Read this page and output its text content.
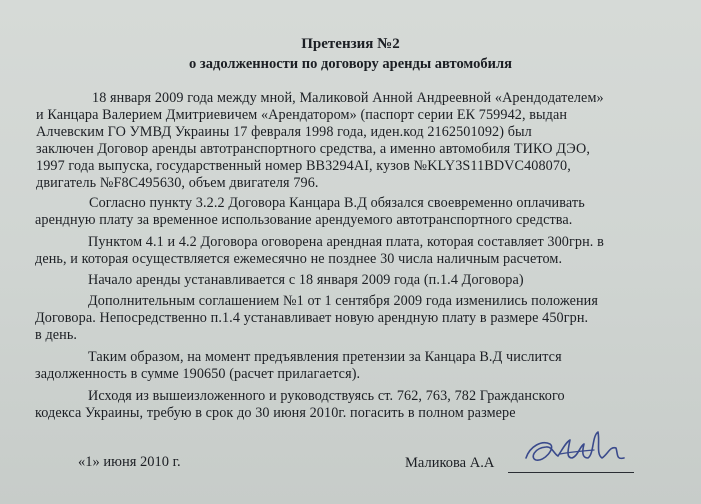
Претензия №2
о задолженности по договору аренды автомобиля
18 января 2009 года между мной, Маликовой Анной Андреевной «Арендодателем»
и Канцара Валерием Дмитриевичем «Арендатором» (паспорт серии ЕК 759942, выдан
Алчевским ГО УМВД Украины 17 февраля 1998 года, иден.код 2162501092) был
заключен Договор аренды автотранспортного средства, а именно автомобиля ТИКО ДЭО,
1997 года выпуска, государственный номер ВВ3294АI, кузов №KLY3S11BDVC408070,
двигатель №F8C495630, объем двигателя 796.
Согласно пункту 3.2.2 Договора Канцара В.Д обязался своевременно оплачивать
арендную плату за временное использование арендуемого автотранспортного средства.
Пунктом 4.1 и 4.2 Договора оговорена арендная плата, которая составляет 300грн. в
день, и которая осуществляется ежемесячно не позднее 30 числа наличным расчетом.
Начало аренды устанавливается с 18 января 2009 года (п.1.4 Договора)
Дополнительным соглашением №1 от 1 сентября 2009 года изменились положения
Договора. Непосредственно п.1.4 устанавливает новую арендную плату в размере 450грн.
в день.
Таким образом, на момент предъявления претензии за Канцара В.Д числится
задолженность в сумме 190650 (расчет прилагается).
Исходя из вышеизложенного и руководствуясь ст. 762, 763, 782 Гражданского
кодекса Украины, требую в срок до 30 июня 2010г. погасить в полном размере
«1» июня 2010 г.	Маликова А.А
